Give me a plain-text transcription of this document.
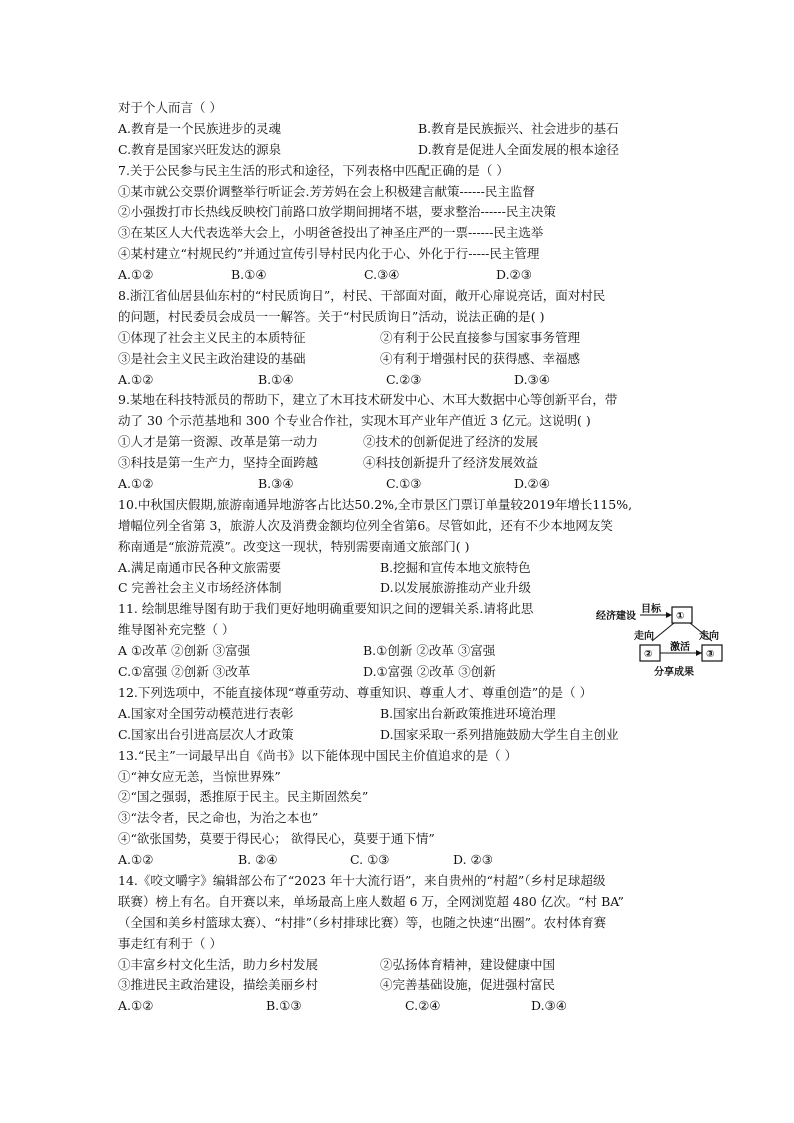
对于个人而言（ ）
A.教育是一个民族进步的灵魂	B.教育是民族振兴、社会进步的基石
C.教育是国家兴旺发达的源泉	D.教育是促进人全面发展的根本途径
7.关于公民参与民主生活的形式和途径，下列表格中匹配正确的是（ ）
①某市就公交票价调整举行听证会.芳芳妈在会上积极建言献策------民主监督
②小强拨打市长热线反映校门前路口放学期间拥堵不堪，要求整治------民主决策
③在某区人大代表选举大会上，小明爸爸投出了神圣庄严的一票------民主选举
④某村建立“村规民约”并通过宣传引导村民内化于心、外化于行-----民主管理
A.①②	B.①④	C.③④	D.②③
8.浙江省仙居县仙东村的“村民质询日”，村民、干部面对面，敞开心扉说亮话，面对村民
的问题，村民委员会成员一一解答。关于“村民质询日”活动，说法正确的是( )
①体现了社会主义民主的本质特征	②有利于公民直接参与国家事务管理
③是社会主义民主政治建设的基础	④有利于增强村民的获得感、幸福感
A.①②	B.①④	C.②③	D.③④
9.某地在科技特派员的帮助下，建立了木耳技术研发中心、木耳大数据中心等创新平台，带
动了 30 个示范基地和 300 个专业合作社，实现木耳产业年产值近 3 亿元。这说明( )
①人才是第一资源、改革是第一动力	②技术的创新促进了经济的发展
③科技是第一生产力，坚持全面跨越	④科技创新提升了经济发展效益
A.①②	B.③④	C.①③	D.②④
10.中秋国庆假期,旅游南通异地游客占比达50.2%,全市景区门票订单量较2019年增长115%,
增幅位列全省第 3，旅游人次及消费金额均位列全省第6。尽管如此，还有不少本地网友笑
称南通是“旅游荒漠”。改变这一现状，特别需要南通文旅部门( )
A.满足南通市民各种文旅需要	B.挖掘和宣传本地文旅特色
C 完善社会主义市场经济体制	D.以发展旅游推动产业升级
11. 绘制思维导图有助于我们更好地明确重要知识之间的逻辑关系.请将此思
维导图补充完整（ ）
A ①改革 ②创新 ③富强	B.①创新 ②改革 ③富强
C.①富强 ②创新 ③改革	D.①富强 ②改革 ③创新
12.下列选项中，不能直接体现“尊重劳动、尊重知识、尊重人才、尊重创造”的是（ ）
A.国家对全国劳动模范进行表彰	B.国家出台新政策推进环境治理
C.国家出台引进高层次人才政策	D.国家采取一系列措施鼓励大学生自主创业
13.“民主”一词最早出自《尚书》以下能体现中国民主价值追求的是（ ）
①“神女应无恙，当惊世界殊”
②“国之强弱，悉推原于民主。民主斯固然矣”
③“法令者，民之命也，为治之本也”
④“欲张国势，莫要于得民心； 欲得民心，莫要于通下情”
A.①②	B. ②④	C. ①③	D. ②③
14.《咬文嚼字》编辑部公布了“2023 年十大流行语”，来自贵州的“村超”（乡村足球超级
联赛）榜上有名。自开赛以来，单场最高上座人数超 6 万，全网浏览超 480 亿次。“村 BA”
（全国和美乡村篮球太赛）、“村排”（乡村排球比赛）等，也随之快速“出圈”。农村体育赛
事走红有利于（ ）
①丰富乡村文化生活，助力乡村发展	②弘扬体育精神，建设健康中国
③推进民主政治建设，描绘美丽乡村	④完善基础设施，促进强村富民
A.①②	B.①③	C.②④	D.③④
经济建设
目标
①
走向	走向
②
激活
③
分享成果
